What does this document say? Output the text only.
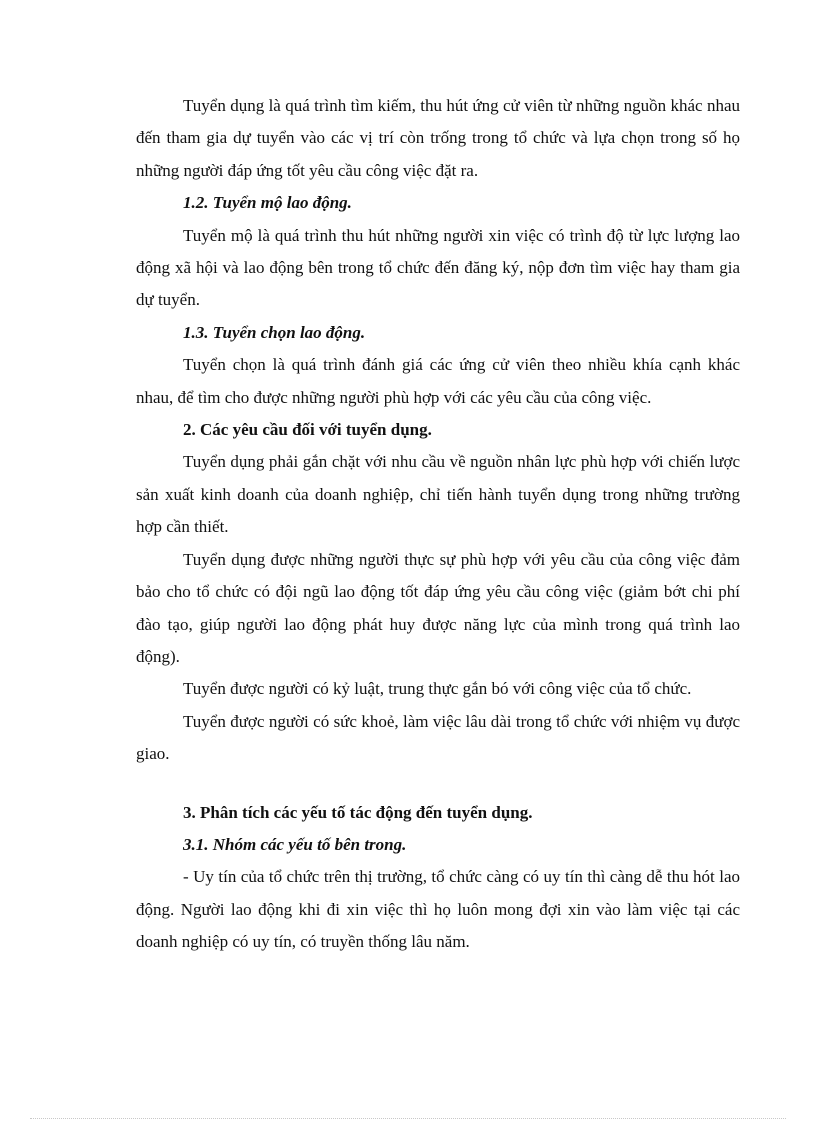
Tuyển dụng là quá trình tìm kiếm, thu hút ứng cử viên từ những nguồn khác nhau đến tham gia dự tuyển vào các vị trí còn trống trong tổ chức và lựa chọn trong số họ những người đáp ứng tốt yêu cầu công việc đặt ra.

1.2. Tuyển mộ lao động.

Tuyển mộ là quá trình thu hút những người xin việc có trình độ từ lực lượng lao động xã hội và lao động bên trong tổ chức đến đăng ký, nộp đơn tìm việc hay tham gia dự tuyển.

1.3. Tuyển chọn lao động.

Tuyển chọn là quá trình đánh giá các ứng cử viên theo nhiều khía cạnh khác nhau, để tìm cho được những người phù hợp với các yêu cầu của công việc.

2. Các yêu cầu đối với tuyển dụng.

Tuyển dụng phải gắn chặt với nhu cầu về nguồn nhân lực phù hợp với chiến lược sản xuất kinh doanh của doanh nghiệp, chỉ tiến hành tuyển dụng trong những trường hợp cần thiết.

Tuyển dụng được những người thực sự phù hợp với yêu cầu của công việc đảm bảo cho tổ chức có đội ngũ lao động tốt đáp ứng yêu cầu công việc (giảm bớt chi phí đào tạo, giúp người lao động phát huy được năng lực của mình trong quá trình lao động).

Tuyển được người có kỷ luật, trung thực gắn bó với công việc của tổ chức.

Tuyển được người có sức khoẻ, làm việc lâu dài trong tổ chức với nhiệm vụ được giao.

3. Phân tích các yếu tố tác động đến tuyển dụng.
3.1. Nhóm các yếu tố bên trong.

- Uy tín của tổ chức trên thị trường, tổ chức càng có uy tín thì càng dễ thu hót lao động. Người lao động khi đi xin việc thì họ luôn mong đợi xin vào làm việc tại các doanh nghiệp có uy tín, có truyền thống lâu năm.
